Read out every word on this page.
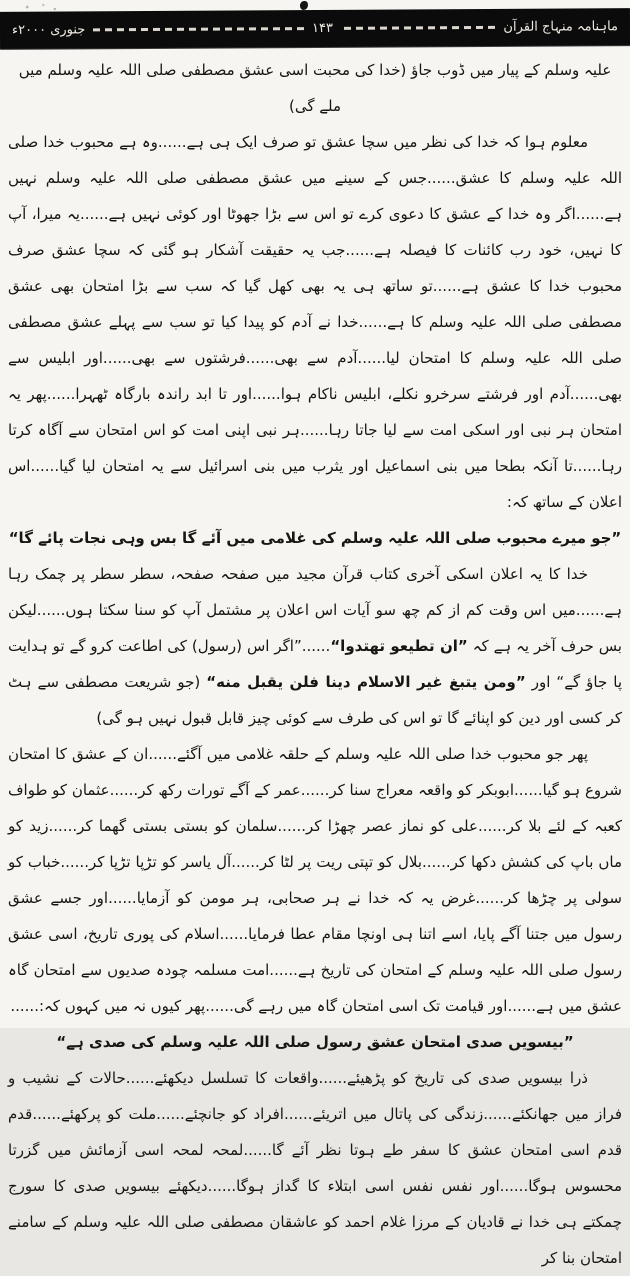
ماہنامہ منہاج القرآن
۱۴۳
جنوری ۲۰۰۰ء
علیہ وسلم کے پیار میں ڈوب جاؤ (خدا کی محبت اسی عشق مصطفی صلی اللہ علیہ وسلم میں ملے گی)
معلوم ہوا کہ خدا کی نظر میں سچا عشق تو صرف ایک ہی ہے......وہ ہے محبوب خدا صلی اللہ علیہ وسلم کا عشق......جس کے سینے میں عشق مصطفی صلی اللہ علیہ وسلم نہیں ہے......اگر وہ خدا کے عشق کا دعوی کرے تو اس سے بڑا جھوٹا اور کوئی نہیں ہے......یہ میرا، آپ کا نہیں، خود رب کائنات کا فیصلہ ہے......جب یہ حقیقت آشکار ہو گئی کہ سچا عشق صرف محبوب خدا کا عشق ہے......تو ساتھ ہی یہ بھی کھل گیا کہ سب سے بڑا امتحان بھی عشق مصطفی صلی اللہ علیہ وسلم کا ہے......خدا نے آدم کو پیدا کیا تو سب سے پہلے عشق مصطفی صلی اللہ علیہ وسلم کا امتحان لیا......آدم سے بھی......فرشتوں سے بھی......اور ابلیس سے بھی......آدم اور فرشتے سرخرو نکلے، ابلیس ناکام ہوا......اور تا ابد راندہ بارگاہ ٹھہرا......پھر یہ امتحان ہر نبی اور اسکی امت سے لیا جاتا رہا......ہر نبی اپنی امت کو اس امتحان سے آگاہ کرتا رہا......تا آنکہ بطحا میں بنی اسماعیل اور یثرب میں بنی اسرائیل سے یہ امتحان لیا گیا......اس اعلان کے ساتھ کہ:
”جو میرے محبوب صلی اللہ علیہ وسلم کی غلامی میں آئے گا بس وہی نجات پائے گا“
خدا کا یہ اعلان اسکی آخری کتاب قرآن مجید میں صفحہ صفحہ، سطر سطر پر چمک رہا ہے......میں اس وقت کم از کم چھ سو آیات اس اعلان پر مشتمل آپ کو سنا سکتا ہوں......لیکن بس حرف آخر یہ ہے کہ ”ان تطیعو تهتدوا“......”اگر اس (رسول) کی اطاعت کرو گے تو ہدایت پا جاؤ گے“ اور ”ومن یتبغ غیر الاسلام دینا فلن یقبل منه“ (جو شریعت مصطفی سے ہٹ کر کسی اور دین کو اپنائے گا تو اس کی طرف سے کوئی چیز قابل قبول نہیں ہو گی)
پھر جو محبوب خدا صلی اللہ علیہ وسلم کے حلقہ غلامی میں آگئے......ان کے عشق کا امتحان شروع ہو گیا......ابوبکر کو واقعہ معراج سنا کر......عمر کے آگے تورات رکھ کر......عثمان کو طواف کعبہ کے لئے بلا کر......علی کو نماز عصر چھڑا کر......سلمان کو بستی بستی گھما کر......زید کو ماں باپ کی کشش دکھا کر......بلال کو تپتی ریت پر لٹا کر......آل یاسر کو تڑپا تڑپا کر......خباب کو سولی پر چڑھا کر......غرض یہ کہ خدا نے ہر صحابی، ہر مومن کو آزمایا......اور جسے عشق رسول میں جتنا آگے پایا، اسے اتنا ہی اونچا مقام عطا فرمایا......اسلام کی پوری تاریخ، اسی عشق رسول صلی اللہ علیہ وسلم کے امتحان کی تاریخ ہے......امت مسلمہ چودہ صدیوں سے امتحان گاہ عشق میں ہے......اور قیامت تک اسی امتحان گاہ میں رہے گی......پھر کیوں نہ میں کہوں کہ:......
”بیسویں صدی امتحان عشق رسول صلی اللہ علیہ وسلم کی صدی ہے“
ذرا بیسویں صدی کی تاریخ کو پڑھیئے......واقعات کا تسلسل دیکھئے......حالات کے نشیب و فراز میں جھانکئے......زندگی کی پاتال میں اتریئے......افراد کو جانچئے......ملت کو پرکھئے......قدم قدم اسی امتحان عشق کا سفر طے ہوتا نظر آئے گا......لمحہ لمحہ اسی آزمائش میں گزرتا محسوس ہوگا......اور نفس نفس اسی ابتلاء کا گداز ہوگا......دیکھئے بیسویں صدی کا سورج چمکتے ہی خدا نے قادیان کے مرزا غلام احمد کو عاشقان مصطفی صلی اللہ علیہ وسلم کے سامنے امتحان بنا کر
